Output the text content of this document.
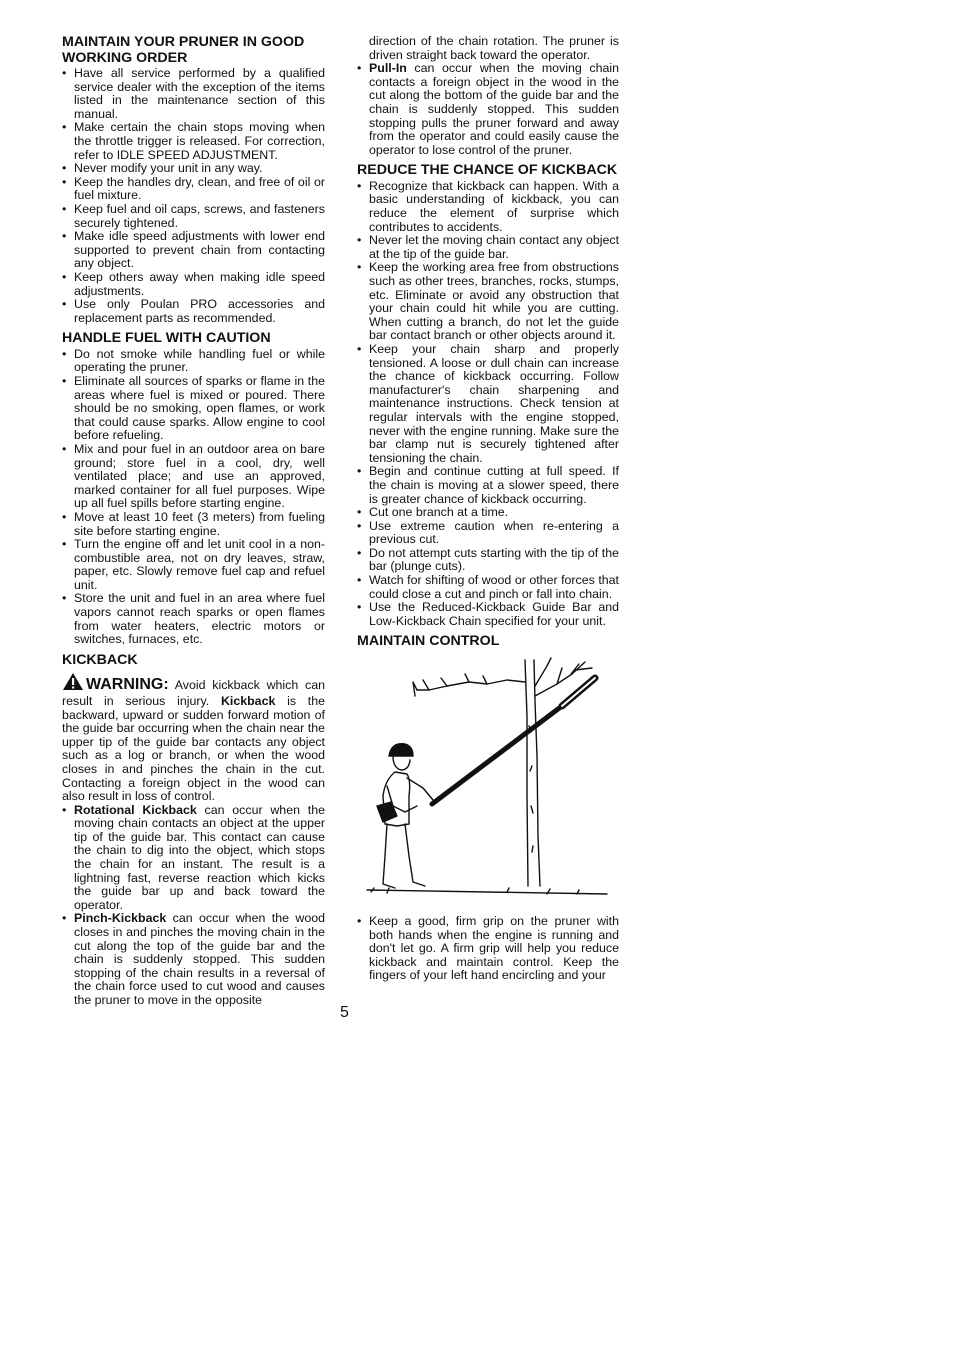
MAINTAIN YOUR PRUNER IN GOOD WORKING ORDER
• Have all service performed by a qualified service dealer with the exception of the items listed in the maintenance section of this manual.
• Make certain the chain stops moving when the throttle trigger is released. For correction, refer to IDLE SPEED ADJUSTMENT.
• Never modify your unit in any way.
• Keep the handles dry, clean, and free of oil or fuel mixture.
• Keep fuel and oil caps, screws, and fasteners securely tightened.
• Make idle speed adjustments with lower end supported to prevent chain from contacting any object.
• Keep others away when making idle speed adjustments.
• Use only Poulan PRO accessories and replacement parts as recommended.
HANDLE FUEL WITH CAUTION
• Do not smoke while handling fuel or while operating the pruner.
• Eliminate all sources of sparks or flame in the areas where fuel is mixed or poured. There should be no smoking, open flames, or work that could cause sparks. Allow engine to cool before refueling.
• Mix and pour fuel in an outdoor area on bare ground; store fuel in a cool, dry, well ventilated place; and use an approved, marked container for all fuel purposes. Wipe up all fuel spills before starting engine.
• Move at least 10 feet (3 meters) from fueling site before starting engine.
• Turn the engine off and let unit cool in a non-combustible area, not on dry leaves, straw, paper, etc. Slowly remove fuel cap and refuel unit.
• Store the unit and fuel in an area where fuel vapors cannot reach sparks or open flames from water heaters, electric motors or switches, furnaces, etc.
KICKBACK
WARNING: Avoid kickback which can result in serious injury. Kickback is the backward, upward or sudden forward motion of the guide bar occurring when the chain near the upper tip of the guide bar contacts any object such as a log or branch, or when the wood closes in and pinches the chain in the cut. Contacting a foreign object in the wood can also result in loss of control.
• Rotational Kickback can occur when the moving chain contacts an object at the upper tip of the guide bar. This contact can cause the chain to dig into the object, which stops the chain for an instant. The result is a lightning fast, reverse reaction which kicks the guide bar up and back toward the operator.
• Pinch-Kickback can occur when the wood closes in and pinches the moving chain in the cut along the top of the guide bar and the chain is suddenly stopped. This sudden stopping of the chain results in a reversal of the chain force used to cut wood and causes the pruner to move in the opposite
direction of the chain rotation. The pruner is driven straight back toward the operator.
• Pull-In can occur when the moving chain contacts a foreign object in the wood in the cut along the bottom of the guide bar and the chain is suddenly stopped. This sudden stopping pulls the pruner forward and away from the operator and could easily cause the operator to lose control of the pruner.
REDUCE THE CHANCE OF KICKBACK
• Recognize that kickback can happen. With a basic understanding of kickback, you can reduce the element of surprise which contributes to accidents.
• Never let the moving chain contact any object at the tip of the guide bar.
• Keep the working area free from obstructions such as other trees, branches, rocks, stumps, etc. Eliminate or avoid any obstruction that your chain could hit while you are cutting. When cutting a branch, do not let the guide bar contact branch or other objects around it.
• Keep your chain sharp and properly tensioned. A loose or dull chain can increase the chance of kickback occurring. Follow manufacturer's chain sharpening and maintenance instructions. Check tension at regular intervals with the engine stopped, never with the engine running. Make sure the bar clamp nut is securely tightened after tensioning the chain.
• Begin and continue cutting at full speed. If the chain is moving at a slower speed, there is greater chance of kickback occurring.
• Cut one branch at a time.
• Use extreme caution when re-entering a previous cut.
• Do not attempt cuts starting with the tip of the bar (plunge cuts).
• Watch for shifting of wood or other forces that could close a cut and pinch or fall into chain.
• Use the Reduced-Kickback Guide Bar and Low-Kickback Chain specified for your unit.
MAINTAIN CONTROL
• Keep a good, firm grip on the pruner with both hands when the engine is running and don't let go. A firm grip will help you reduce kickback and maintain control. Keep the fingers of your left hand encircling and your
5
